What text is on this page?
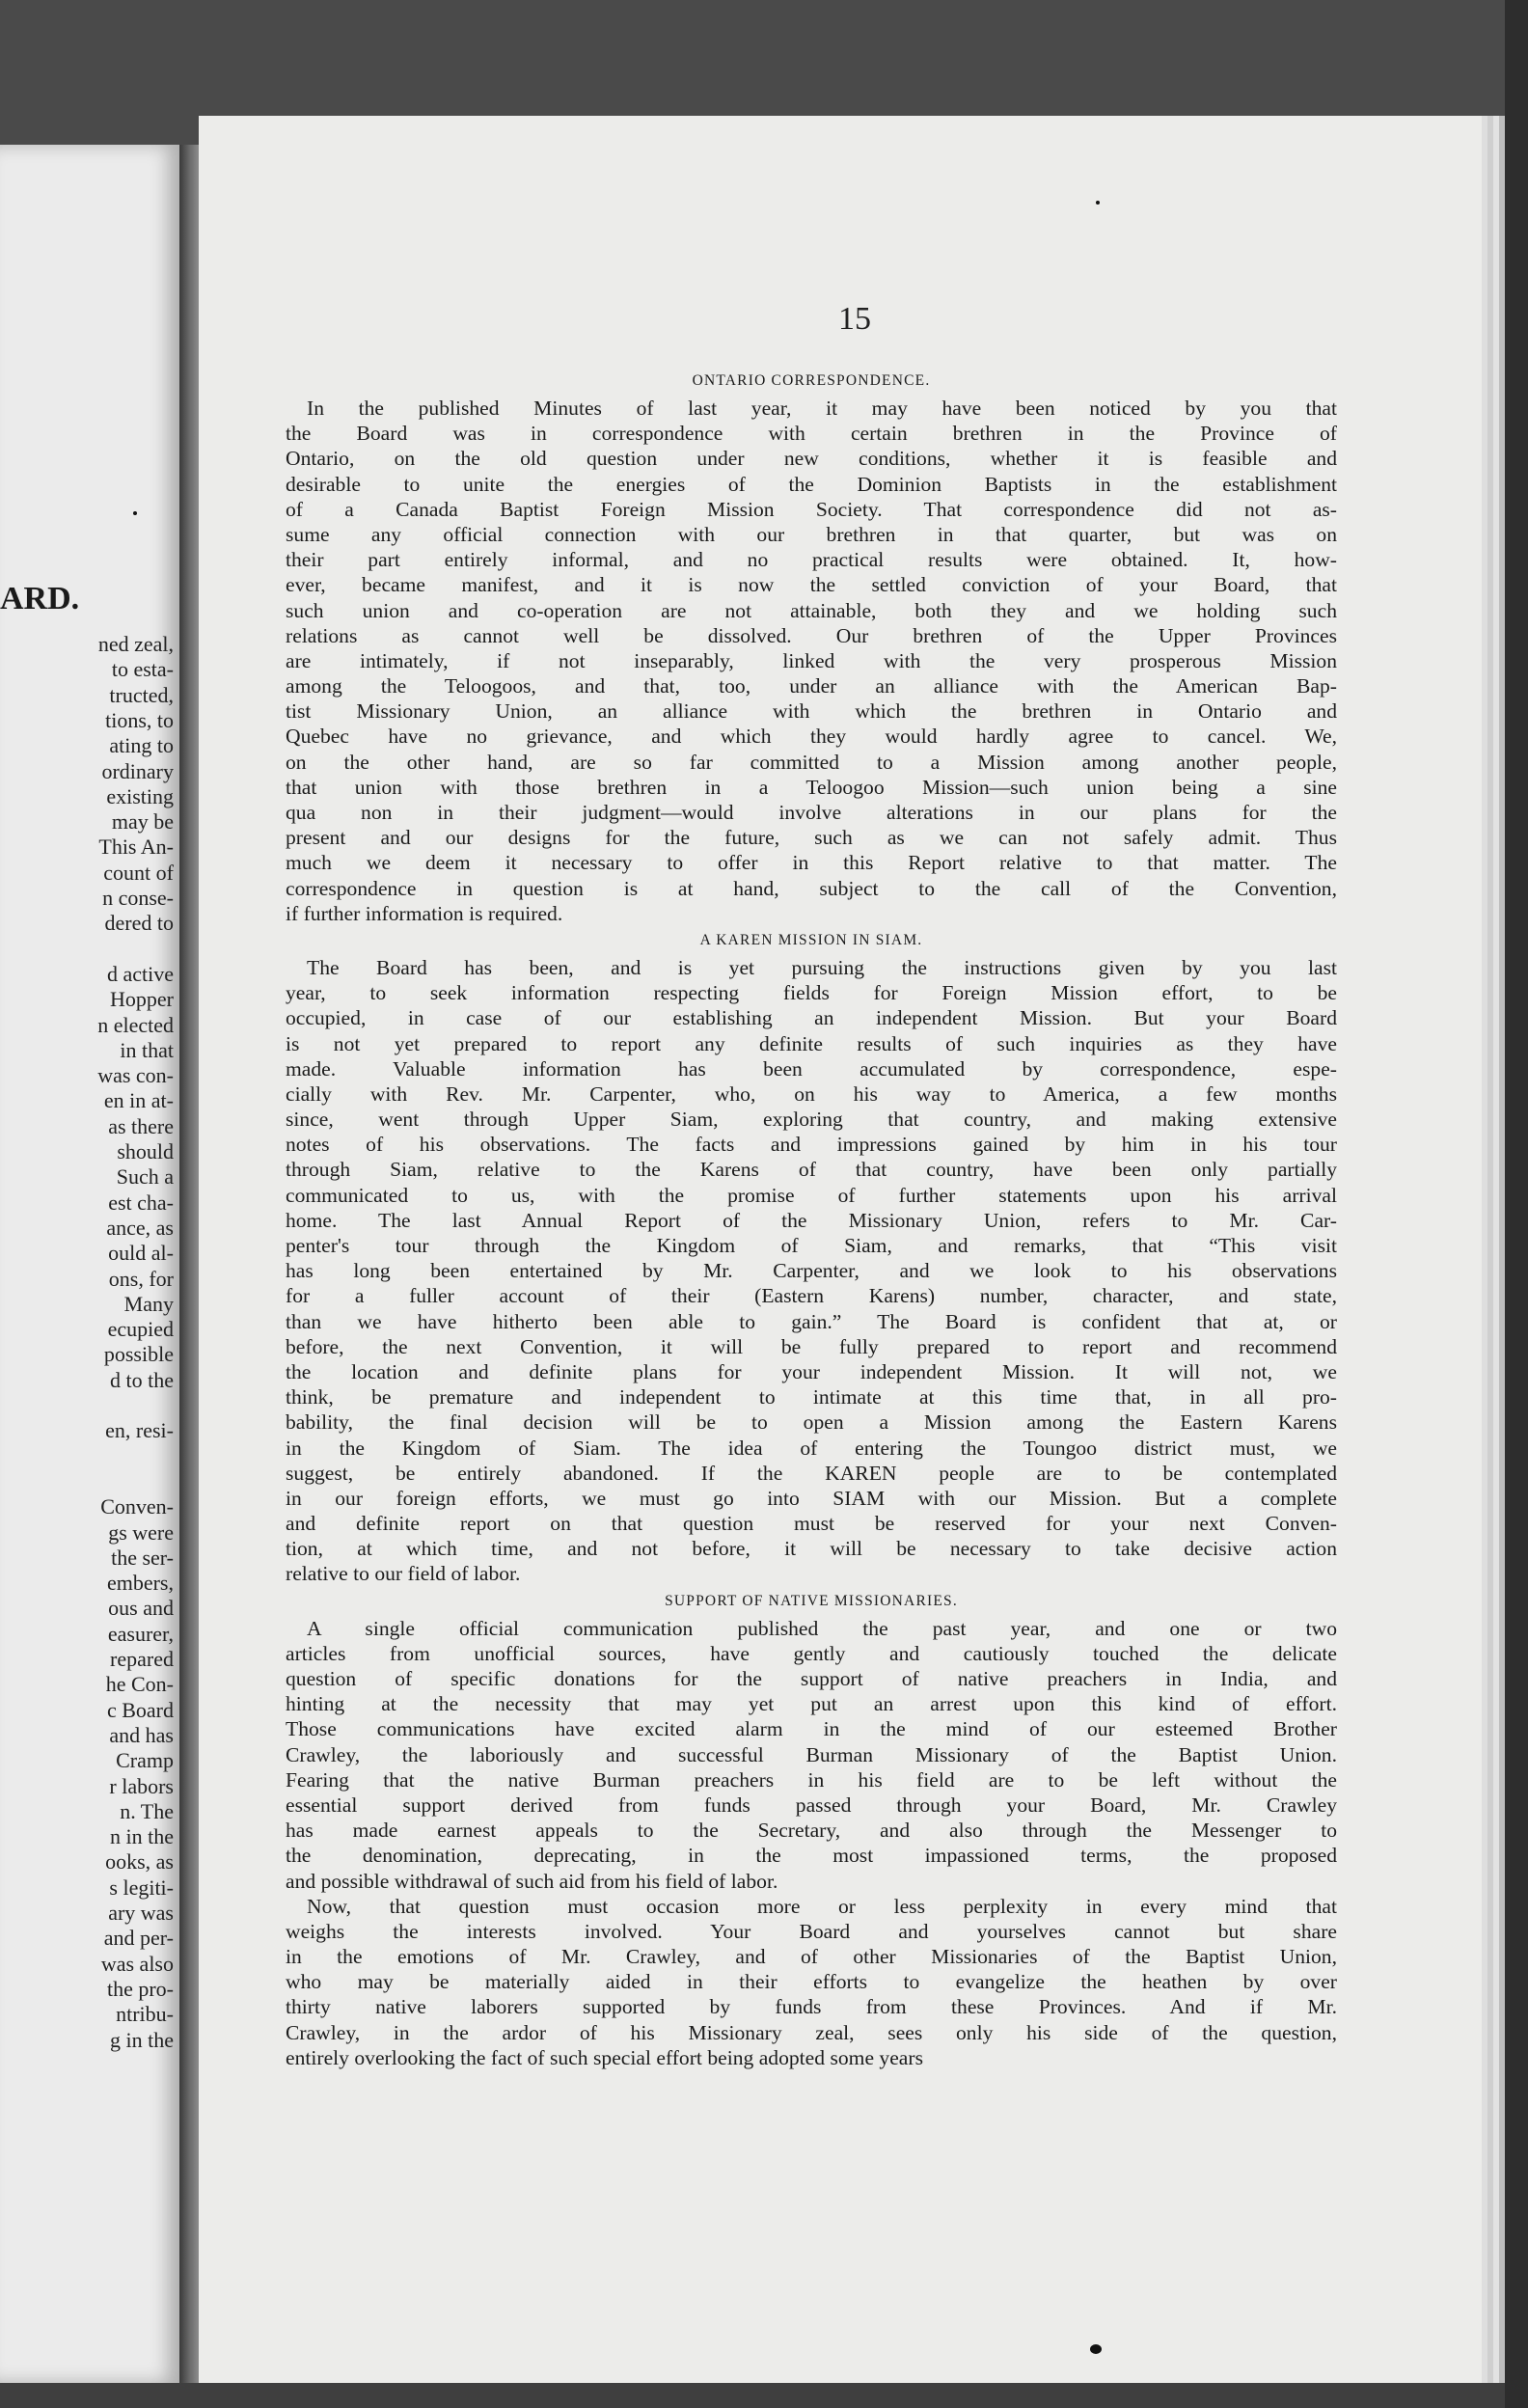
ARD.
ned zeal,
to esta-
tructed,
tions, to
ating to
ordinary
existing
may be
This An-
count of
n conse-
dered to
d active
Hopper
n elected
in that
was con-
en in at-
as there
should
Such a
est cha-
ance, as
ould al-
ons, for
Many
ecupied
possible
d to the
en, resi-
Conven-
gs were
the ser-
embers,
ous and
easurer,
repared
he Con-
c Board
and has
Cramp
r labors
n. The
n in the
ooks, as
s legiti-
ary was
and per-
was also
the pro-
ntribu-
g in the
15
ONTARIO CORRESPONDENCE.
In the published Minutes of last year, it may have been noticed by you that
the Board was in correspondence with certain brethren in the Province of
Ontario, on the old question under new conditions, whether it is feasible and
desirable to unite the energies of the Dominion Baptists in the establishment
of a Canada Baptist Foreign Mission Society. That correspondence did not as-
sume any official connection with our brethren in that quarter, but was on
their part entirely informal, and no practical results were obtained. It, how-
ever, became manifest, and it is now the settled conviction of your Board, that
such union and co-operation are not attainable, both they and we holding such
relations as cannot well be dissolved. Our brethren of the Upper Provinces
are intimately, if not inseparably, linked with the very prosperous Mission
among the Teloogoos, and that, too, under an alliance with the American Bap-
tist Missionary Union, an alliance with which the brethren in Ontario and
Quebec have no grievance, and which they would hardly agree to cancel. We,
on the other hand, are so far committed to a Mission among another people,
that union with those brethren in a Teloogoo Mission—such union being a sine
qua non in their judgment—would involve alterations in our plans for the
present and our designs for the future, such as we can not safely admit. Thus
much we deem it necessary to offer in this Report relative to that matter. The
correspondence in question is at hand, subject to the call of the Convention,
if further information is required.
A KAREN MISSION IN SIAM.
The Board has been, and is yet pursuing the instructions given by you last
year, to seek information respecting fields for Foreign Mission effort, to be
occupied, in case of our establishing an independent Mission. But your Board
is not yet prepared to report any definite results of such inquiries as they have
made. Valuable information has been accumulated by correspondence, espe-
cially with Rev. Mr. Carpenter, who, on his way to America, a few months
since, went through Upper Siam, exploring that country, and making extensive
notes of his observations. The facts and impressions gained by him in his tour
through Siam, relative to the Karens of that country, have been only partially
communicated to us, with the promise of further statements upon his arrival
home. The last Annual Report of the Missionary Union, refers to Mr. Car-
penter's tour through the Kingdom of Siam, and remarks, that “This visit
has long been entertained by Mr. Carpenter, and we look to his observations
for a fuller account of their (Eastern Karens) number, character, and state,
than we have hitherto been able to gain.” The Board is confident that at, or
before, the next Convention, it will be fully prepared to report and recommend
the location and definite plans for your independent Mission. It will not, we
think, be premature and independent to intimate at this time that, in all pro-
bability, the final decision will be to open a Mission among the Eastern Karens
in the Kingdom of Siam. The idea of entering the Toungoo district must, we
suggest, be entirely abandoned. If the KAREN people are to be contemplated
in our foreign efforts, we must go into SIAM with our Mission. But a complete
and definite report on that question must be reserved for your next Conven-
tion, at which time, and not before, it will be necessary to take decisive action
relative to our field of labor.
SUPPORT OF NATIVE MISSIONARIES.
A single official communication published the past year, and one or two
articles from unofficial sources, have gently and cautiously touched the delicate
question of specific donations for the support of native preachers in India, and
hinting at the necessity that may yet put an arrest upon this kind of effort.
Those communications have excited alarm in the mind of our esteemed Brother
Crawley, the laboriously and successful Burman Missionary of the Baptist Union.
Fearing that the native Burman preachers in his field are to be left without the
essential support derived from funds passed through your Board, Mr. Crawley
has made earnest appeals to the Secretary, and also through the Messenger to
the denomination, deprecating, in the most impassioned terms, the proposed
and possible withdrawal of such aid from his field of labor.
Now, that question must occasion more or less perplexity in every mind that
weighs the interests involved. Your Board and yourselves cannot but share
in the emotions of Mr. Crawley, and of other Missionaries of the Baptist Union,
who may be materially aided in their efforts to evangelize the heathen by over
thirty native laborers supported by funds from these Provinces. And if Mr.
Crawley, in the ardor of his Missionary zeal, sees only his side of the question,
entirely overlooking the fact of such special effort being adopted some years
